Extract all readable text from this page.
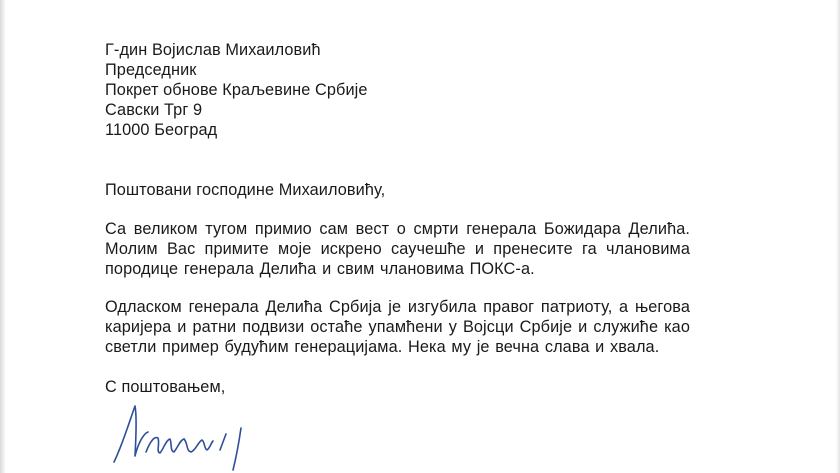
Г-дин Војислав Михаиловић
Председник
Покрет обнове Краљевине Србије
Савски Трг 9
11000 Београд
Поштовани господине Михаиловићу,
Са великом тугом примио сам вест о смрти генерала Божидара Делића. Молим Вас примите моје искрено саучешће и пренесите га члановима породице генерала Делића и свим члановима ПОКС-а.
Одласком генерала Делића Србија је изгубила правог патриоту, а његова каријера и ратни подвизи остаће упамћени у Војсци Србије и служиће као светли пример будућим генерацијама. Нека му је вечна слава и хвала.
С поштовањем,
